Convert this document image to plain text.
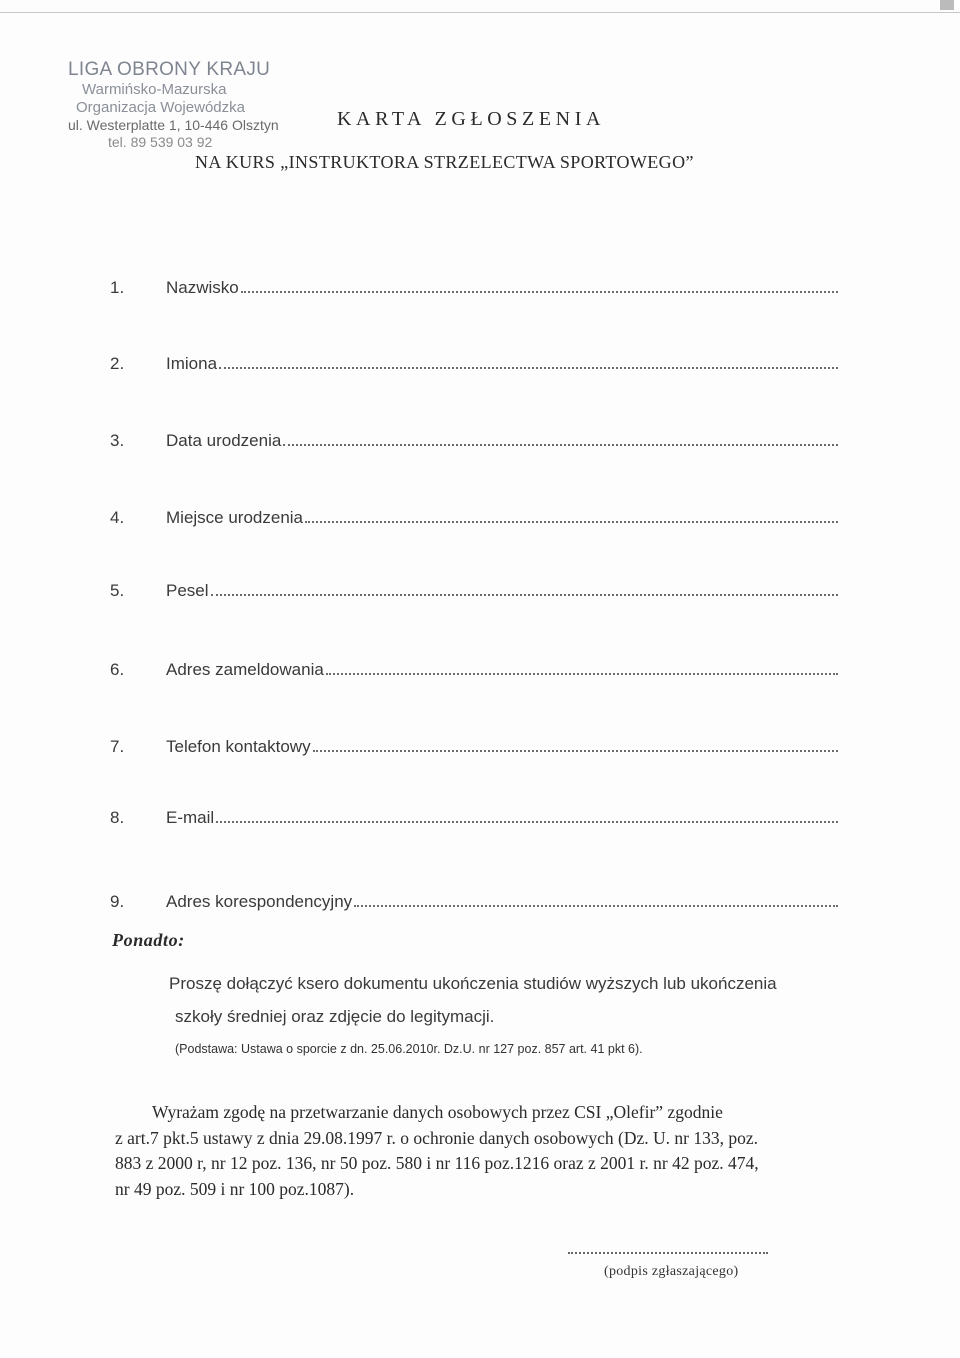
LIGA OBRONY KRAJU
Warmińsko-Mazurska
Organizacja Wojewódzka
ul. Westerplatte 1, 10-446 Olsztyn
tel. 89 539 03 92
KARTA ZGŁOSZENIA
NA KURS „INSTRUKTORA STRZELECTWA SPORTOWEGO”
1.	Nazwisko
2.	Imiona
3.	Data urodzenia
4.	Miejsce urodzenia
5.	Pesel
6.	Adres zameldowania
7.	Telefon kontaktowy
8.	E-mail
9.	Adres korespondencyjny
Ponadto:
Proszę dołączyć ksero dokumentu ukończenia studiów wyższych lub ukończenia
szkoły średniej oraz zdjęcie do legitymacji.
(Podstawa: Ustawa o sporcie z dn. 25.06.2010r. Dz.U. nr 127 poz. 857 art. 41 pkt 6).
Wyrażam zgodę na przetwarzanie danych osobowych przez CSI „Olefir” zgodnie
z art.7 pkt.5 ustawy z dnia 29.08.1997 r. o ochronie danych osobowych (Dz. U. nr 133, poz.
883 z 2000 r, nr 12 poz. 136, nr 50 poz. 580 i nr 116 poz.1216 oraz z 2001 r. nr 42 poz. 474,
nr 49 poz. 509 i nr 100 poz.1087).
(podpis zgłaszającego)
